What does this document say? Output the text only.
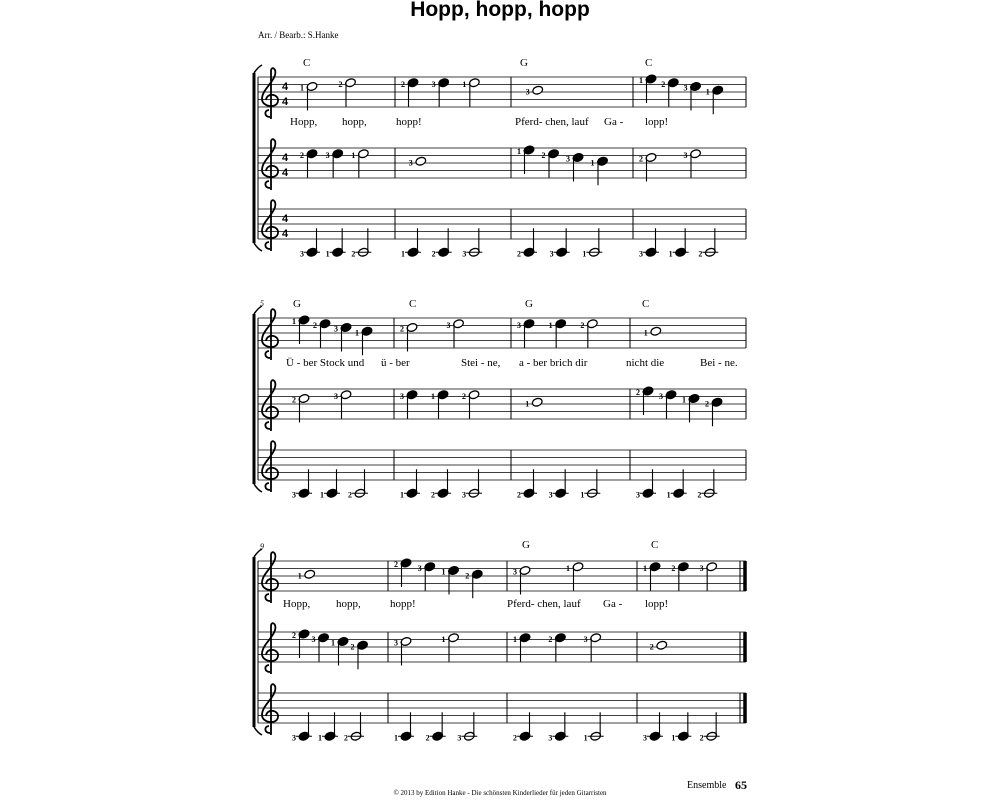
Hopp, hopp, hopp
Arr. / Bearb.: S.Hanke
4
4
1	2	2	3	1
3
1 2 3 1
4
4
2	3	1
3
1	2	3	1	2	3
4
4
3	1	2	1	2	3	2	3	1	3	1	2
C	G	C
Hopp, hopp,	hopp!	Pferd- chen, lauf Ga - lopp!
1 2 3 1	2	3	3	1	2
1
2	3	3	1	2
1
2 3 1 2
3	1	2	1	2	3	2	3	1	3	1	2
5	G	C	G	C
Ü - ber Stock und ü - ber	Stei - ne, a - ber brich dir	nicht die	Bei - ne.
1
2 3 1 2	3	1	1	2	3
2 3 1 2	3	1	1	2	3
2
3	1	2	1	2	3	2	3	1	3	1	2
9	G	C
Hopp, hopp,	hopp!	Pferd- chen, lauf Ga - lopp!
Ensemble 65
© 2013 by Edition Hanke - Die schönsten Kinderlieder für jeden Gitarristen
